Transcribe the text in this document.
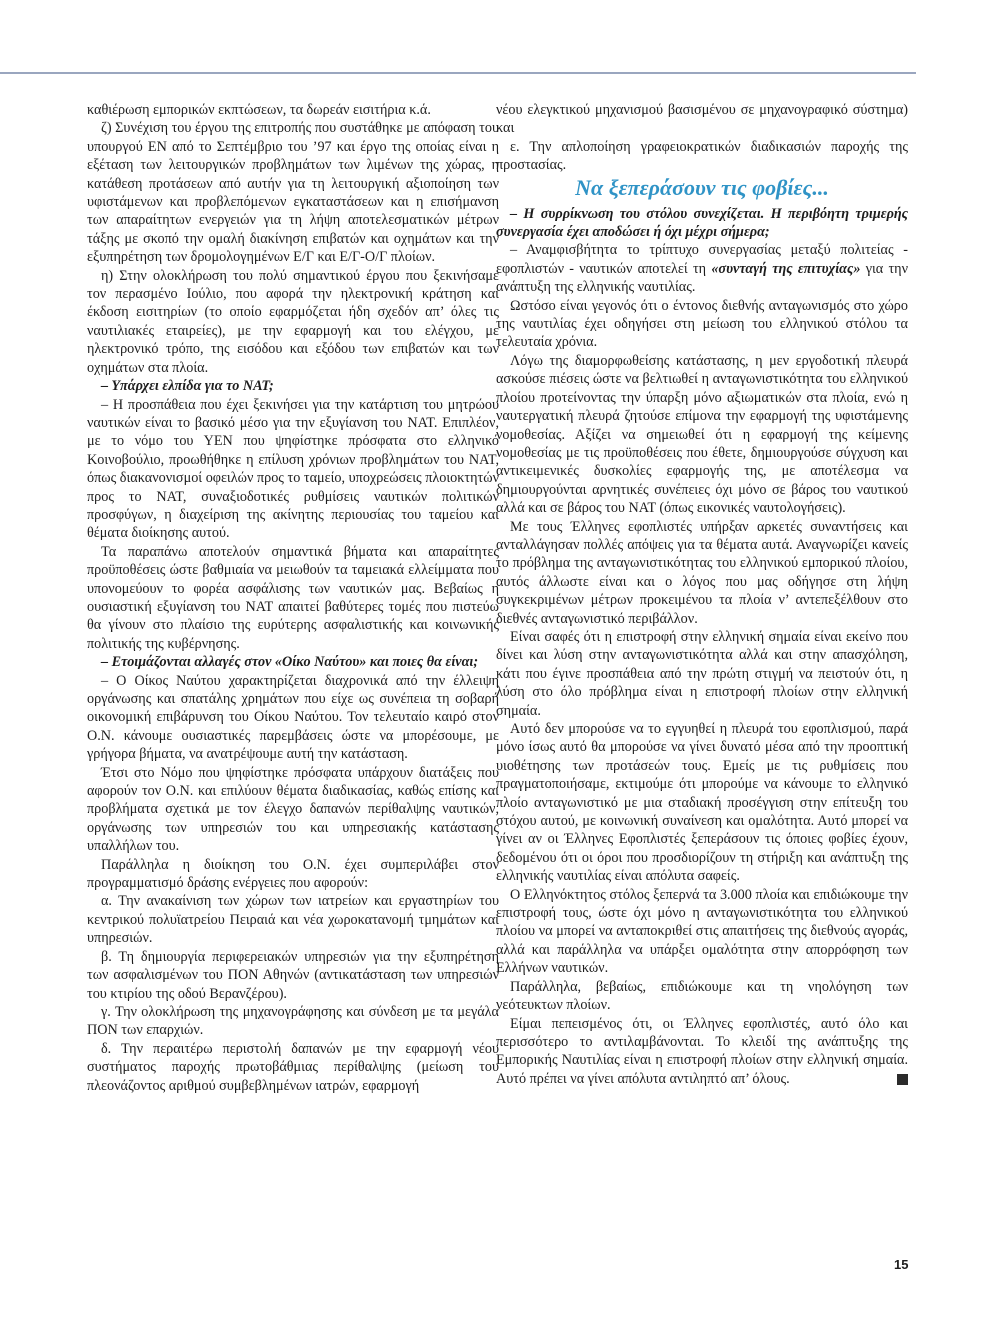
καθιέρωση εμπορικών εκπτώσεων, τα δωρεάν εισιτήρια κ.ά.

ζ) Συνέχιση του έργου της επιτροπής που συστάθηκε με απόφαση του υπουργού ΕΝ από το Σεπτέμβριο του ’97 και έργο της οποίας είναι η εξέταση των λειτουργικών προβλημάτων των λιμένων της χώρας, η κατάθεση προτάσεων από αυτήν για τη λειτουργική αξιοποίηση των υφιστάμενων και προβλεπόμενων εγκαταστάσεων και η επισήμανση των απαραίτητων ενεργειών για τη λήψη αποτελεσματικών μέτρων τάξης με σκοπό την ομαλή διακίνηση επιβατών και οχημάτων και την εξυπηρέτηση των δρομολογημένων Ε/Γ και Ε/Γ-Ο/Γ πλοίων.

η) Στην ολοκλήρωση του πολύ σημαντικού έργου που ξεκινήσαμε τον περασμένο Ιούλιο, που αφορά την ηλεκτρονική κράτηση και έκδοση εισιτηρίων (το οποίο εφαρμόζεται ήδη σχεδόν απ’ όλες τις ναυτιλιακές εταιρείες), με την εφαρμογή και του ελέγχου, με ηλεκτρονικό τρόπο, της εισόδου και εξόδου των επιβατών και των οχημάτων στα πλοία.

– Υπάρχει ελπίδα για το ΝΑΤ;

– Η προσπάθεια που έχει ξεκινήσει για την κατάρτιση του μητρώου ναυτικών είναι το βασικό μέσο για την εξυγίανση του ΝΑΤ. Επιπλέον, με το νόμο του ΥΕΝ που ψηφίστηκε πρόσφατα στο ελληνικό Κοινοβούλιο, προωθήθηκε η επίλυση χρόνιων προβλημάτων του ΝΑΤ, όπως διακανονισμοί οφειλών προς το ταμείο, υποχρεώσεις πλοιοκτητών προς το ΝΑΤ, συναξιοδοτικές ρυθμίσεις ναυτικών πολιτικών προσφύγων, η διαχείριση της ακίνητης περιουσίας του ταμείου και θέματα διοίκησης αυτού.

Τα παραπάνω αποτελούν σημαντικά βήματα και απαραίτητες προϋποθέσεις ώστε βαθμιαία να μειωθούν τα ταμειακά ελλείμματα που υπονομεύουν το φορέα ασφάλισης των ναυτικών μας. Βεβαίως η ουσιαστική εξυγίανση του ΝΑΤ απαιτεί βαθύτερες τομές που πιστεύω θα γίνουν στο πλαίσιο της ευρύτερης ασφαλιστικής και κοινωνικής πολιτικής της κυβέρνησης.

– Ετοιμάζονται αλλαγές στον «Οίκο Ναύτου» και ποιες θα είναι;

– Ο Οίκος Ναύτου χαρακτηρίζεται διαχρονικά από την έλλειψη οργάνωσης και σπατάλης χρημάτων που είχε ως συνέπεια τη σοβαρή οικονομική επιβάρυνση του Οίκου Ναύτου. Τον τελευταίο καιρό στον Ο.Ν. κάνουμε ουσιαστικές παρεμβάσεις ώστε να μπορέσουμε, με γρήγορα βήματα, να ανατρέψουμε αυτή την κατάσταση.

Έτσι στο Νόμο που ψηφίστηκε πρόσφατα υπάρχουν διατάξεις που αφορούν τον Ο.Ν. και επιλύουν θέματα διαδικασίας, καθώς επίσης και προβλήματα σχετικά με τον έλεγχο δαπανών περίθαλψης ναυτικών, οργάνωσης των υπηρεσιών του και υπηρεσιακής κατάστασης υπαλλήλων του.

Παράλληλα η διοίκηση του Ο.Ν. έχει συμπεριλάβει στον προγραμματισμό δράσης ενέργειες που αφορούν:

α. Την ανακαίνιση των χώρων των ιατρείων και εργαστηρίων του κεντρικού πολυϊατρείου Πειραιά και νέα χωροκατανομή τμημάτων και υπηρεσιών.

β. Τη δημιουργία περιφερειακών υπηρεσιών για την εξυπηρέτηση των ασφαλισμένων του ΠΟΝ Αθηνών (αντικατάσταση των υπηρεσιών του κτιρίου της οδού Βερανζέρου).

γ. Την ολοκλήρωση της μηχανογράφησης και σύνδεση με τα μεγάλα ΠΟΝ των επαρχιών.

δ. Την περαιτέρω περιστολή δαπανών με την εφαρμογή νέου συστήματος παροχής πρωτοβάθμιας περίθαλψης (μείωση του πλεονάζοντος αριθμού συμβεβλημένων ιατρών, εφαρμογή

νέου ελεγκτικού μηχανισμού βασισμένου σε μηχανογραφικό σύστημα) και

ε. Την απλοποίηση γραφειοκρατικών διαδικασιών παροχής της προστασίας.

Να ξεπεράσουν τις φοβίες...

– Η συρρίκνωση του στόλου συνεχίζεται. Η περιβόητη τριμερής συνεργασία έχει αποδώσει ή όχι μέχρι σήμερα;

– Αναμφισβήτητα το τρίπτυχο συνεργασίας μεταξύ πολιτείας - εφοπλιστών - ναυτικών αποτελεί τη «συνταγή της επιτυχίας» για την ανάπτυξη της ελληνικής ναυτιλίας.

Ωστόσο είναι γεγονός ότι ο έντονος διεθνής ανταγωνισμός στο χώρο της ναυτιλίας έχει οδηγήσει στη μείωση του ελληνικού στόλου τα τελευταία χρόνια.

Λόγω της διαμορφωθείσης κατάστασης, η μεν εργοδοτική πλευρά ασκούσε πιέσεις ώστε να βελτιωθεί η ανταγωνιστικότητα του ελληνικού πλοίου προτείνοντας την ύπαρξη μόνο αξιωματικών στα πλοία, ενώ η ναυτεργατική πλευρά ζητούσε επίμονα την εφαρμογή της υφιστάμενης νομοθεσίας. Αξίζει να σημειωθεί ότι η εφαρμογή της κείμενης νομοθεσίας με τις προϋποθέσεις που έθετε, δημιουργούσε σύγχυση και αντικειμενικές δυσκολίες εφαρμογής της, με αποτέλεσμα να δημιουργούνται αρνητικές συνέπειες όχι μόνο σε βάρος του ναυτικού αλλά και σε βάρος του ΝΑΤ (όπως εικονικές ναυτολογήσεις).

Με τους Έλληνες εφοπλιστές υπήρξαν αρκετές συναντήσεις και ανταλλάγησαν πολλές απόψεις για τα θέματα αυτά. Αναγνωρίζει κανείς το πρόβλημα της ανταγωνιστικότητας του ελληνικού εμπορικού πλοίου, αυτός άλλωστε είναι και ο λόγος που μας οδήγησε στη λήψη συγκεκριμένων μέτρων προκειμένου τα πλοία ν’ αντεπεξέλθουν στο διεθνές ανταγωνιστικό περιβάλλον.

Είναι σαφές ότι η επιστροφή στην ελληνική σημαία είναι εκείνο που δίνει και λύση στην ανταγωνιστικότητα αλλά και στην απασχόληση, κάτι που έγινε προσπάθεια από την πρώτη στιγμή να πειστούν ότι, η λύση στο όλο πρόβλημα είναι η επιστροφή πλοίων στην ελληνική σημαία.

Αυτό δεν μπορούσε να το εγγυηθεί η πλευρά του εφοπλισμού, παρά μόνο ίσως αυτό θα μπορούσε να γίνει δυνατό μέσα από την προοπτική υιοθέτησης των προτάσεών τους. Εμείς με τις ρυθμίσεις που πραγματοποιήσαμε, εκτιμούμε ότι μπορούμε να κάνουμε το ελληνικό πλοίο ανταγωνιστικό με μια σταδιακή προσέγγιση στην επίτευξη του στόχου αυτού, με κοινωνική συναίνεση και ομαλότητα. Αυτό μπορεί να γίνει αν οι Έλληνες Εφοπλιστές ξεπεράσουν τις όποιες φοβίες έχουν, δεδομένου ότι οι όροι που προσδιορίζουν τη στήριξη και ανάπτυξη της ελληνικής ναυτιλίας είναι απόλυτα σαφείς.

Ο Ελληνόκτητος στόλος ξεπερνά τα 3.000 πλοία και επιδιώκουμε την επιστροφή τους, ώστε όχι μόνο η ανταγωνιστικότητα του ελληνικού πλοίου να μπορεί να ανταποκριθεί στις απαιτήσεις της διεθνούς αγοράς, αλλά και παράλληλα να υπάρξει ομαλότητα στην απορρόφηση των Ελλήνων ναυτικών.

Παράλληλα, βεβαίως, επιδιώκουμε και τη νηολόγηση των νεότευκτων πλοίων.

Είμαι πεπεισμένος ότι, οι Έλληνες εφοπλιστές, αυτό όλο και περισσότερο το αντιλαμβάνονται. Το κλειδί της ανάπτυξης της Εμπορικής Ναυτιλίας είναι η επιστροφή πλοίων στην ελληνική σημαία. Αυτό πρέπει να γίνει απόλυτα αντιληπτό απ’ όλους.

15
